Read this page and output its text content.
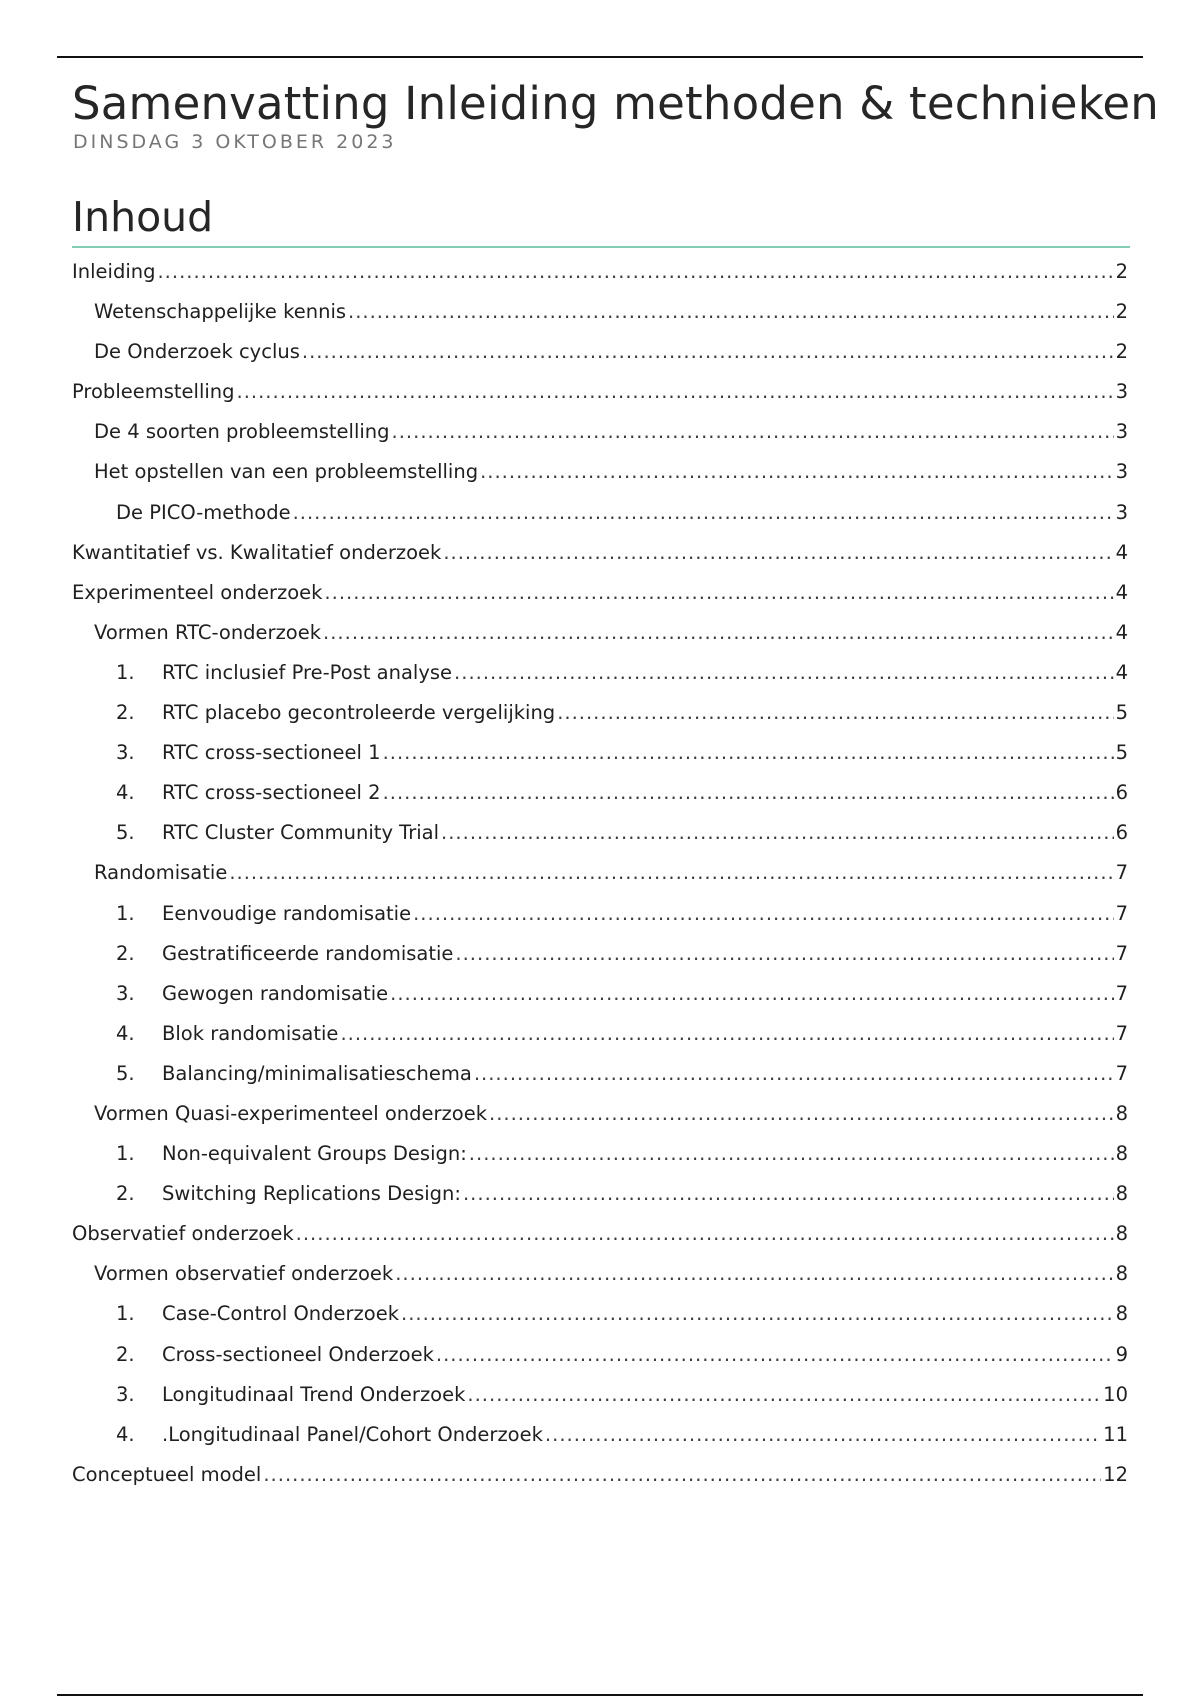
Samenvatting Inleiding methoden & technieken
DINSDAG 3 OKTOBER 2023
Inhoud
Inleiding .....	2
Wetenschappelijke kennis .....	2
De Onderzoek cyclus .....	2
Probleemstelling .....	3
De 4 soorten probleemstelling .....	3
Het opstellen van een probleemstelling .....	3
De PICO-methode .....	3
Kwantitatief vs. Kwalitatief onderzoek .....	4
Experimenteel onderzoek .....	4
Vormen RTC-onderzoek .....	4
1.	RTC inclusief Pre-Post analyse .....	4
2.	RTC placebo gecontroleerde vergelijking .....	5
3.	RTC cross-sectioneel 1 .....	5
4.	RTC cross-sectioneel 2 .....	6
5.	RTC Cluster Community Trial .....	6
Randomisatie .....	7
1.	Eenvoudige randomisatie .....	7
2.	Gestratificeerde randomisatie .....	7
3.	Gewogen randomisatie .....	7
4.	Blok randomisatie .....	7
5.	Balancing/minimalisatieschema .....	7
Vormen Quasi-experimenteel onderzoek .....	8
1.	Non-equivalent Groups Design: .....	8
2.	Switching Replications Design: .....	8
Observatief onderzoek .....	8
Vormen observatief onderzoek .....	8
1.	Case-Control Onderzoek .....	8
2.	Cross-sectioneel Onderzoek .....	9
3.	Longitudinaal Trend Onderzoek .....	10
4.	.Longitudinaal Panel/Cohort Onderzoek .....	11
Conceptueel model .....	12
